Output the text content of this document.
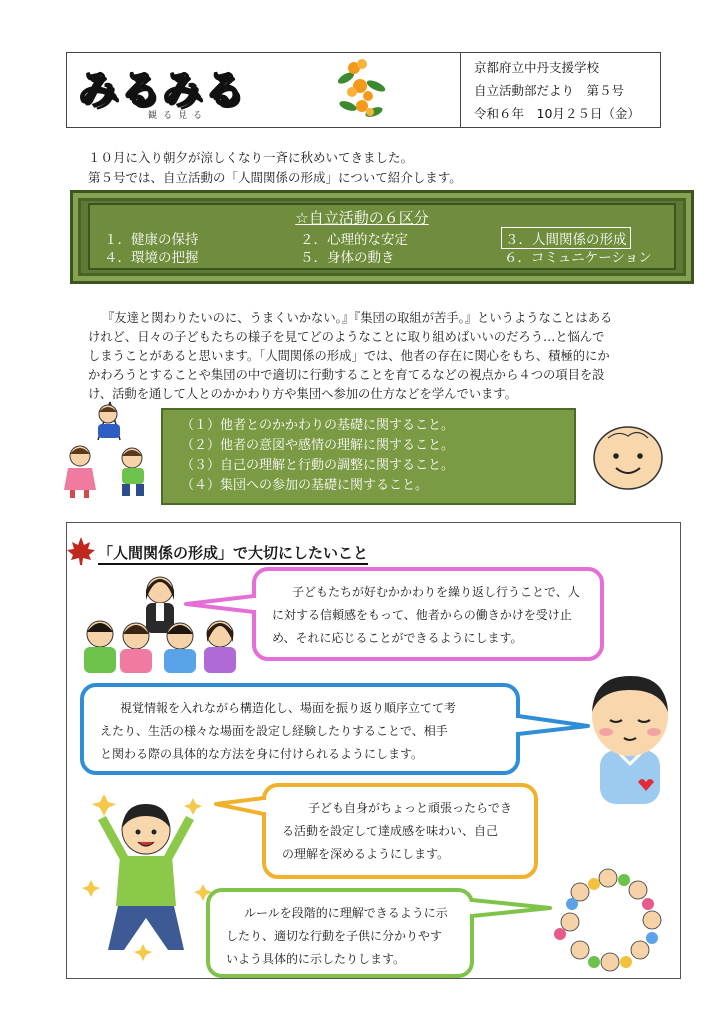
みるみる
観る見る
京都府立中丹支援学校
自立活動部だより　第５号
令和６年　10月２５日（金）
１０月に入り朝夕が涼しくなり一斉に秋めいてきました。
第５号では、自立活動の「人間関係の形成」について紹介します。
☆自立活動の６区分
１．健康の保持	２．心理的な安定	３．人間関係の形成
４．環境の把握	５．身体の動き	６．コミュニケーション
『友達と関わりたいのに、うまくいかない。』『集団の取組が苦手。』というようなことはある
けれど、日々の子どもたちの様子を見てどのようなことに取り組めばいいのだろう…と悩んで
しまうことがあると思います。「人間関係の形成」では、他者の存在に関心をもち、積極的にか
かわろうとすることや集団の中で適切に行動することを育てるなどの視点から４つの項目を設
け、活動を通して人とのかかわり方や集団へ参加の仕方などを学んでいます。
（１）他者とのかかわりの基礎に関すること。
（２）他者の意図や感情の理解に関すること。
（３）自己の理解と行動の調整に関すること。
（４）集団への参加の基礎に関すること。
「人間関係の形成」で大切にしたいこと
子どもたちが好むかかわりを繰り返し行うことで、人
に対する信頼感をもって、他者からの働きかけを受け止
め、それに応じることができるようにします。
視覚情報を入れながら構造化し、場面を振り返り順序立てて考
えたり、生活の様々な場面を設定し経験したりすることで、相手
と関わる際の具体的な方法を身に付けられるようにします。
子ども自身がちょっと頑張ったらでき
る活動を設定して達成感を味わい、自己
の理解を深めるようにします。
ルールを段階的に理解できるように示
したり、適切な行動を子供に分かりやす
いよう具体的に示したりします。
